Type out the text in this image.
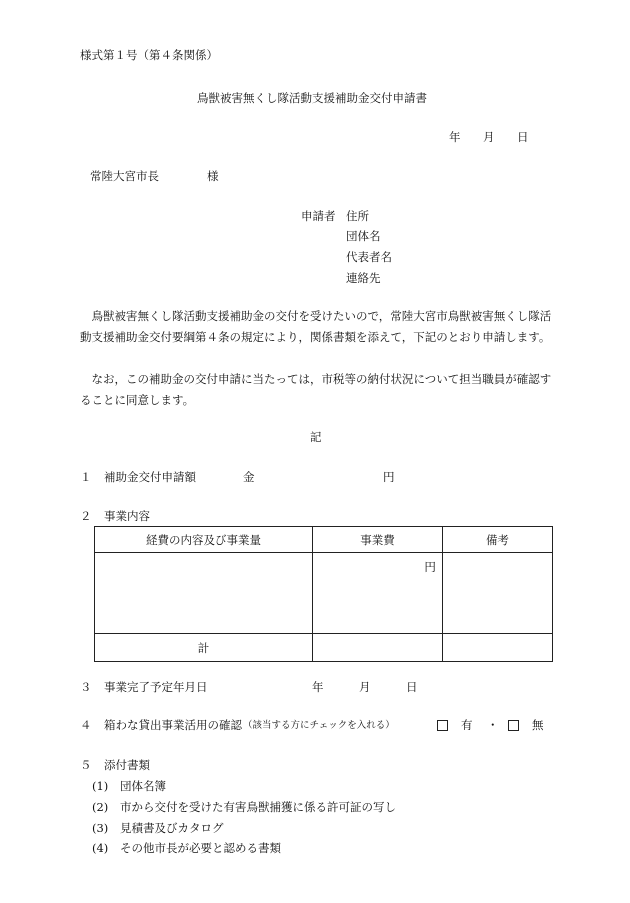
様式第１号（第４条関係）
鳥獣被害無くし隊活動支援補助金交付申請書
年 月 日
常陸大宮市長	様
申請者 住所
団体名
代表者名
連絡先

鳥獣被害無くし隊活動支援補助金の交付を受けたいので，常陸大宮市鳥獣被害無くし隊活動支援補助金交付要綱第４条の規定により，関係書類を添えて，下記のとおり申請します。

なお，この補助金の交付申請に当たっては，市税等の納付状況について担当職員が確認することに同意します。

記
１ 補助金交付申請額	金	円
２ 事業内容
経費の内容及び事業量	事業費	備考
	円	
計		
３ 事業完了予定年月日	年	月	日
４ 箱わな貸出事業活用の確認 （該当する方にチェックを入れる）	有 ・	無
５ 添付書類
(1) 団体名簿
(2) 市から交付を受けた有害鳥獣捕獲に係る許可証の写し
(3) 見積書及びカタログ
(4) その他市長が必要と認める書類
